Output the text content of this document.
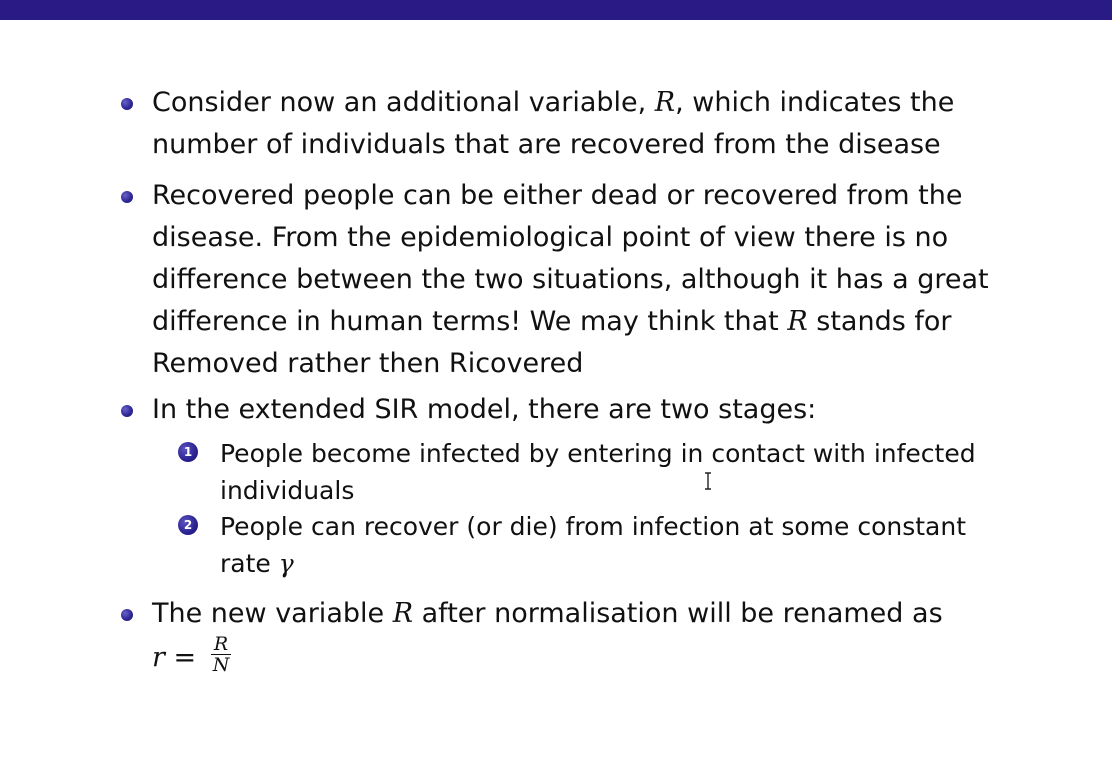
Consider now an additional variable, R, which indicates the
number of individuals that are recovered from the disease
Recovered people can be either dead or recovered from the
disease. From the epidemiological point of view there is no
difference between the two situations, although it has a great
difference in human terms! We may think that R stands for
Removed rather then Ricovered
In the extended SIR model, there are two stages:
1 People become infected by entering in contact with infected
individuals
2 People can recover (or die) from infection at some constant
rate γ
The new variable R after normalisation will be renamed as
$r = \frac{R}{N}$
